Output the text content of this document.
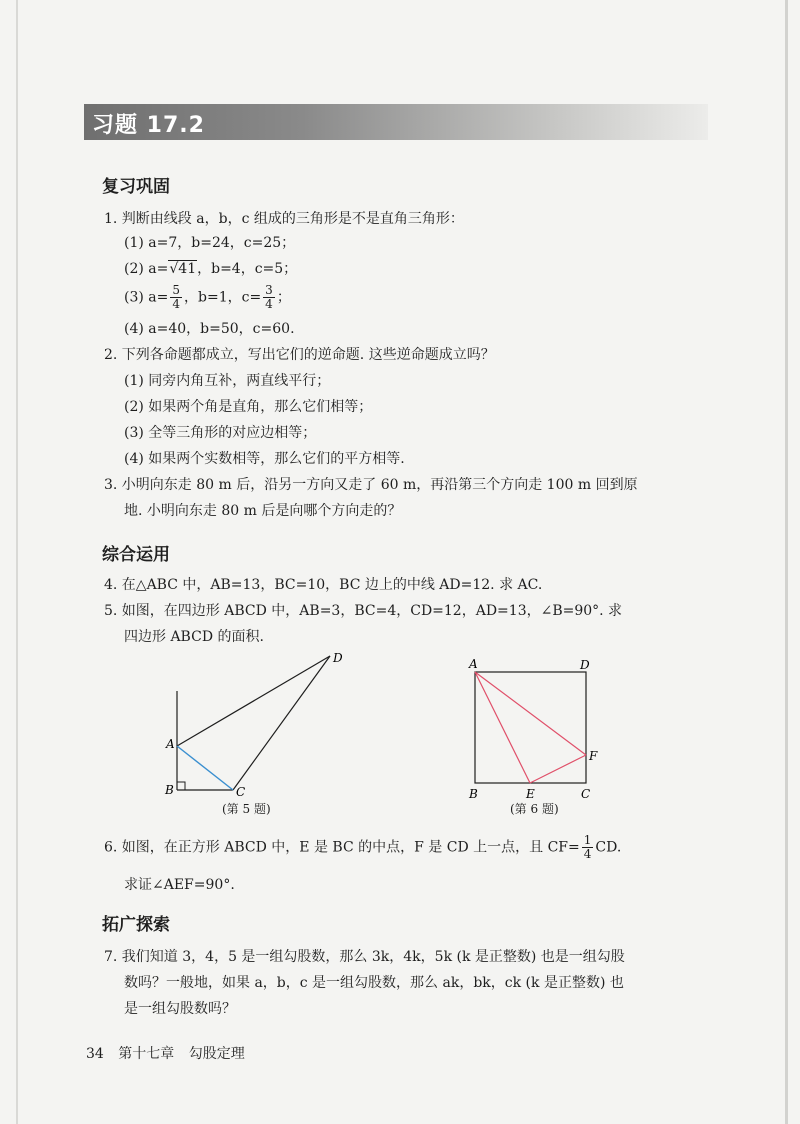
习题 17.2
复习巩固
1. 判断由线段 a，b，c 组成的三角形是不是直角三角形：
(1) a=7，b=24，c=25；
(2) a=√41，b=4，c=5；
(3) $a= \frac{5}{4}$ ，b=1，$c= \frac{3}{4}$ ；
(4) a=40，b=50，c=60.
2. 下列各命题都成立，写出它们的逆命题. 这些逆命题成立吗？
(1) 同旁内角互补，两直线平行；
(2) 如果两个角是直角，那么它们相等；
(3) 全等三角形的对应边相等；
(4) 如果两个实数相等，那么它们的平方相等.
3. 小明向东走 80 m 后，沿另一方向又走了 60 m，再沿第三个方向走 100 m 回到原
地. 小明向东走 80 m 后是向哪个方向走的？
综合运用
4. 在△ABC 中，AB=13，BC=10，BC 边上的中线 AD=12. 求 AC.
5. 如图，在四边形 ABCD 中，AB=3，BC=4，CD=12，AD=13，∠B=90°. 求
四边形 ABCD 的面积.
A
B	C
D
(第 5 题)
A	D
B	E	C
F
(第 6 题)
6. 如图，在正方形 ABCD 中，E 是 BC 的中点，F 是 CD 上一点，且 $CF= \frac{1}{4}$ CD.
求证∠AEF=90°.
拓广探索
7. 我们知道 3，4，5 是一组勾股数，那么 3k，4k，5k (k 是正整数) 也是一组勾股
数吗？一般地，如果 a，b，c 是一组勾股数，那么 ak，bk，ck (k 是正整数) 也
是一组勾股数吗？
34 第十七章 勾股定理
